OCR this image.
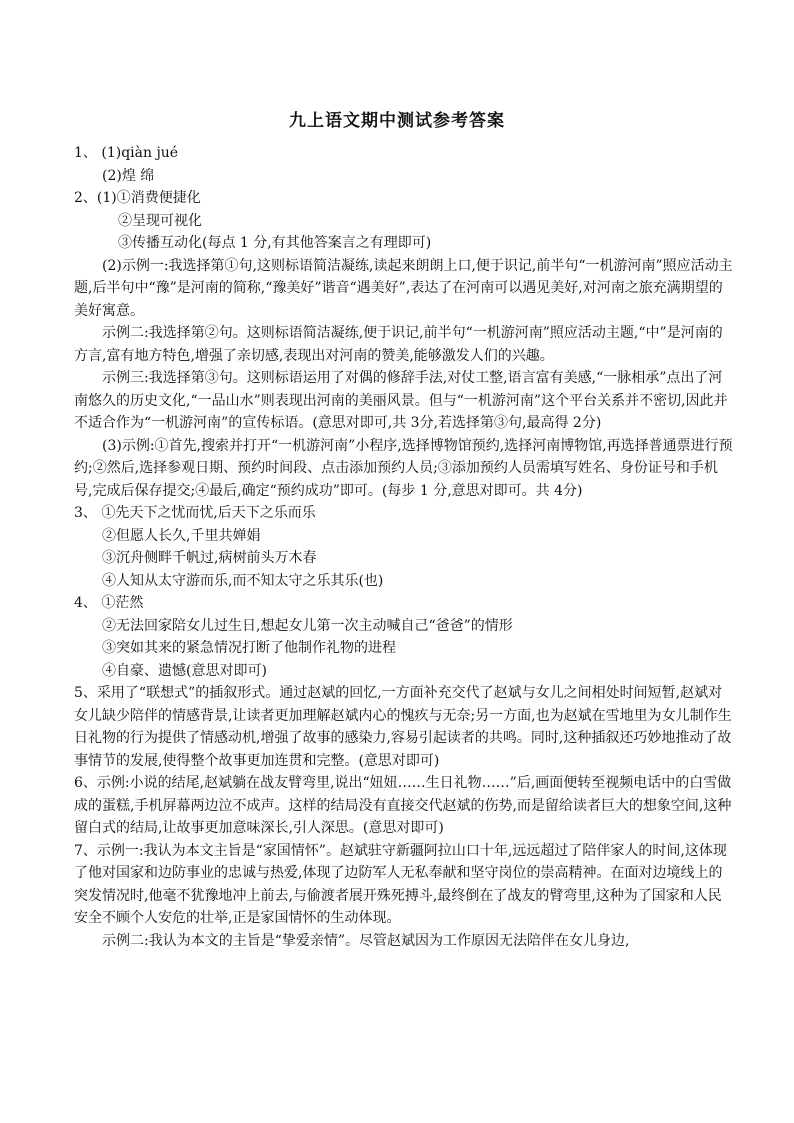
九上语文期中测试参考答案

1、 (1)qiàn jué

(2)煌 绵

2、(1)①消费便捷化

②呈现可视化

③传播互动化(每点 1 分,有其他答案言之有理即可)

(2)示例一:我选择第①句,这则标语简洁凝练,读起来朗朗上口,便于识记,前半句“一机游河南”照应活动主题,后半句中“豫”是河南的简称,“豫美好”谐音“遇美好”,表达了在河南可以遇见美好,对河南之旅充满期望的美好寓意。

示例二:我选择第②句。这则标语简洁凝练,便于识记,前半句“一机游河南”照应活动主题,“中”是河南的方言,富有地方特色,增强了亲切感,表现出对河南的赞美,能够激发人们的兴趣。

示例三:我选择第③句。这则标语运用了对偶的修辞手法,对仗工整,语言富有美感,“一脉相承”点出了河南悠久的历史文化,“一品山水”则表现出河南的美丽风景。但与“一机游河南”这个平台关系并不密切,因此并不适合作为“一机游河南”的宣传标语。(意思对即可,共 3分,若选择第③句,最高得 2分)

(3)示例:①首先,搜索并打开“一机游河南”小程序,选择博物馆预约,选择河南博物馆,再选择普通票进行预约;②然后,选择参观日期、预约时间段、点击添加预约人员;③添加预约人员需填写姓名、身份证号和手机号,完成后保存提交;④最后,确定“预约成功”即可。(每步 1 分,意思对即可。共 4分)

3、 ①先天下之忧而忧,后天下之乐而乐

②但愿人长久,千里共婵娟

③沉舟侧畔千帆过,病树前头万木春

④人知从太守游而乐,而不知太守之乐其乐(也)

4、 ①茫然

②无法回家陪女儿过生日,想起女儿第一次主动喊自己“爸爸”的情形

③突如其来的紧急情况打断了他制作礼物的进程

④自豪、遗憾(意思对即可)

5、采用了“联想式”的插叙形式。通过赵斌的回忆,一方面补充交代了赵斌与女儿之间相处时间短暂,赵斌对女儿缺少陪伴的情感背景,让读者更加理解赵斌内心的愧疚与无奈;另一方面,也为赵斌在雪地里为女儿制作生日礼物的行为提供了情感动机,增强了故事的感染力,容易引起读者的共鸣。同时,这种插叙还巧妙地推动了故事情节的发展,使得整个故事更加连贯和完整。(意思对即可)

6、示例:小说的结尾,赵斌躺在战友臂弯里,说出“妞妞……生日礼物……”后,画面便转至视频电话中的白雪做成的蛋糕,手机屏幕两边泣不成声。这样的结局没有直接交代赵斌的伤势,而是留给读者巨大的想象空间,这种留白式的结局,让故事更加意味深长,引人深思。(意思对即可)

7、示例一:我认为本文主旨是“家国情怀”。赵斌驻守新疆阿拉山口十年,远远超过了陪伴家人的时间,这体现了他对国家和边防事业的忠诚与热爱,体现了边防军人无私奉献和坚守岗位的崇高精神。在面对边境线上的突发情况时,他毫不犹豫地冲上前去,与偷渡者展开殊死搏斗,最终倒在了战友的臂弯里,这种为了国家和人民安全不顾个人安危的壮举,正是家国情怀的生动体现。

示例二:我认为本文的主旨是“挚爱亲情”。尽管赵斌因为工作原因无法陪伴在女儿身边,
